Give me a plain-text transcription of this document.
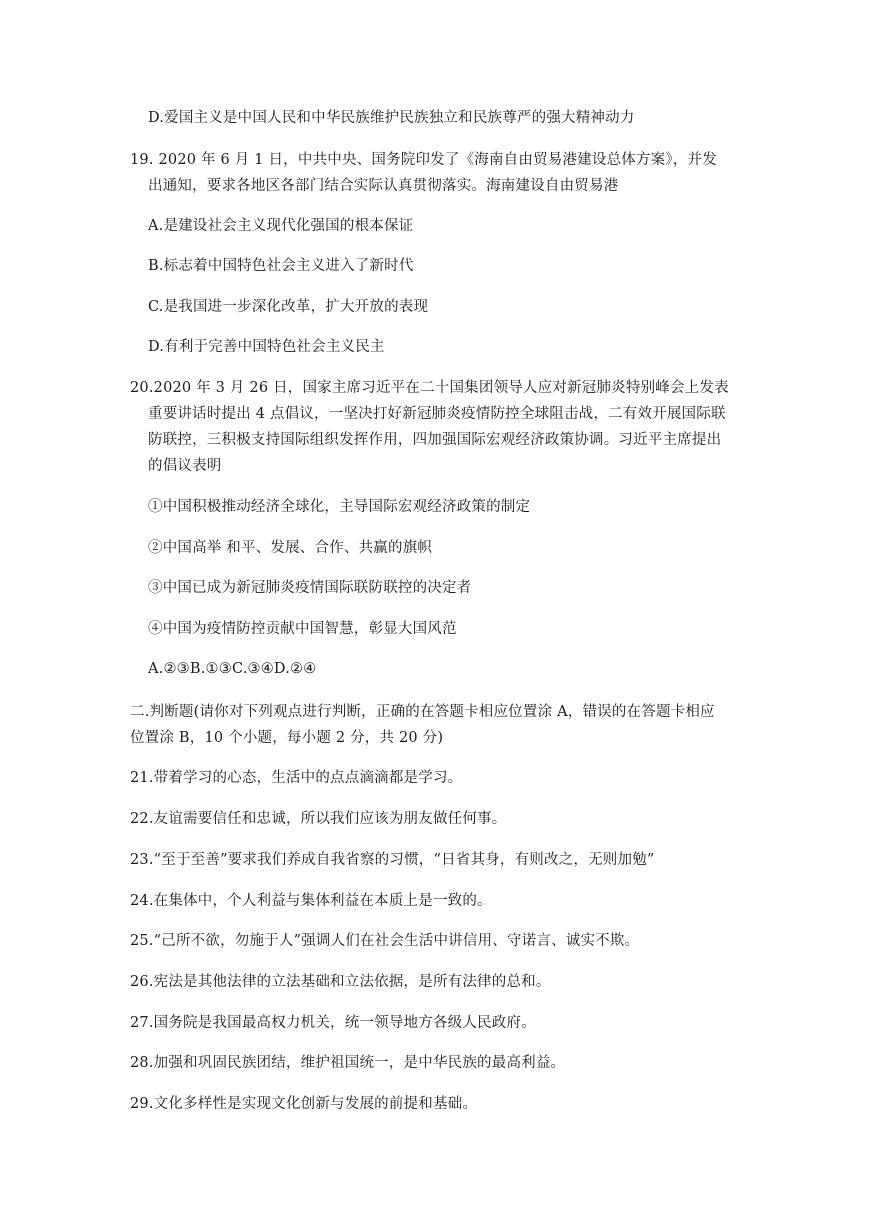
D.爱国主义是中国人民和中华民族维护民族独立和民族尊严的强大精神动力
19. 2020 年 6 月 1 日，中共中央、国务院印发了《海南自由贸易港建设总体方案》，并发
出通知，要求各地区各部门结合实际认真贯彻落实。海南建设自由贸易港
A.是建设社会主义现代化强国的根本保证
B.标志着中国特色社会主义进入了新时代
C.是我国进一步深化改革，扩大开放的表现
D.有利于完善中国特色社会主义民主
20.2020 年 3 月 26 日，国家主席习近平在二十国集团领导人应对新冠肺炎特别峰会上发表
重要讲话时提出 4 点倡议，一坚决打好新冠肺炎疫情防控全球阻击战，二有效开展国际联
防联控，三积极支持国际组织发挥作用，四加强国际宏观经济政策协调。习近平主席提出
的倡议表明
①中国积极推动经济全球化，主导国际宏观经济政策的制定
②中国高举 和平、发展、合作、共赢的旗帜
③中国已成为新冠肺炎疫情国际联防联控的决定者
④中国为疫情防控贡献中国智慧，彰显大国风范
A.②③B.①③C.③④D.②④
二.判断题(请你对下列观点进行判断，正确的在答题卡相应位置涂 A，错误的在答题卡相应
位置涂 B，10 个小题，每小题 2 分，共 20 分)
21.带着学习的心态，生活中的点点滴滴都是学习。
22.友谊需要信任和忠诚，所以我们应该为朋友做任何事。
23.“至于至善”要求我们养成自我省察的习惯，“日省其身，有则改之，无则加勉”
24.在集体中，个人利益与集体利益在本质上是一致的。
25.“己所不欲，勿施于人”强调人们在社会生活中讲信用、守诺言、诚实不欺。
26.宪法是其他法律的立法基础和立法依据，是所有法律的总和。
27.国务院是我国最高权力机关，统一领导地方各级人民政府。
28.加强和巩固民族团结，维护祖国统一，是中华民族的最高利益。
29.文化多样性是实现文化创新与发展的前提和基础。
